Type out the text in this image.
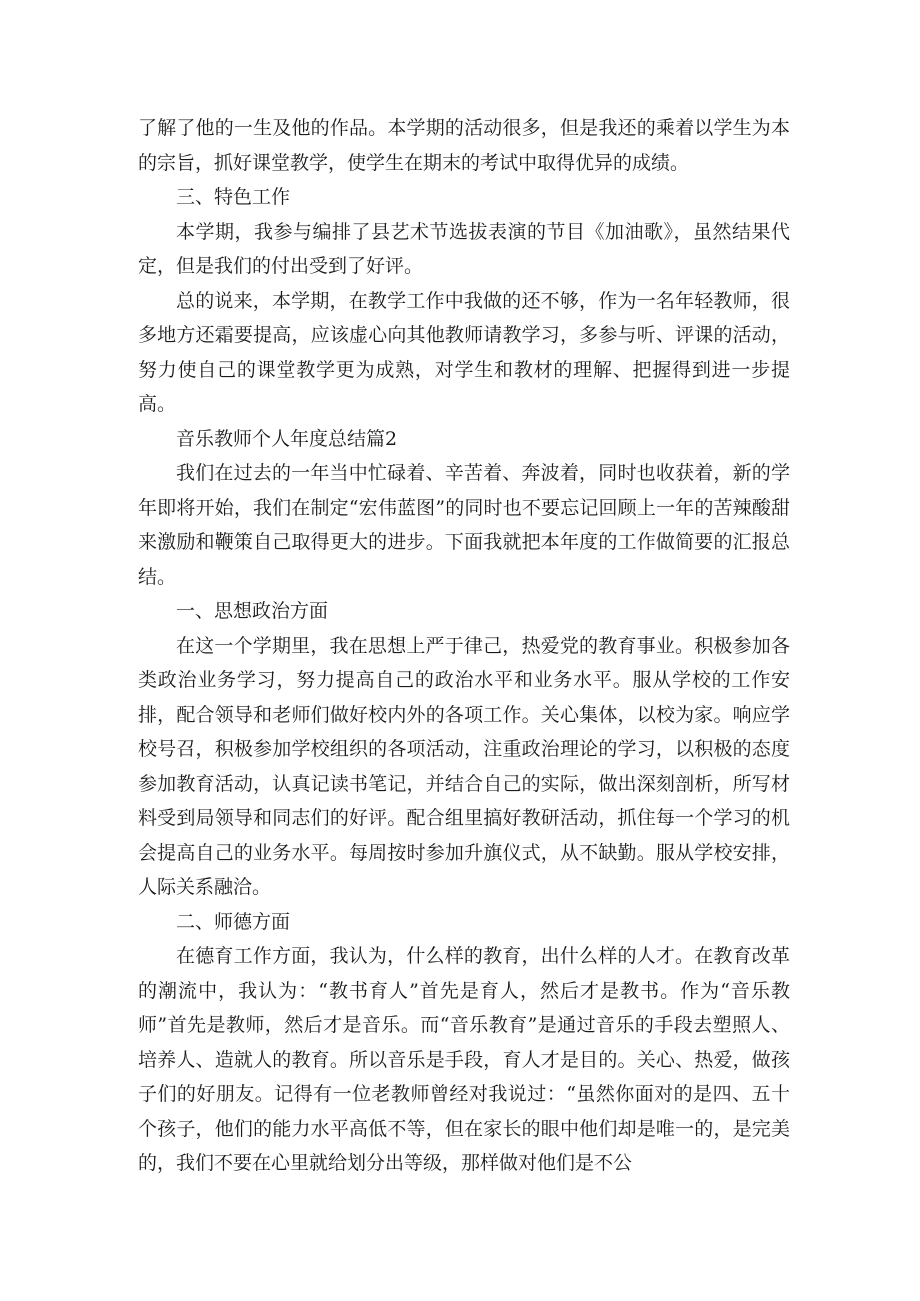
了解了他的一生及他的作品。本学期的活动很多，但是我还的乘着以学生为本的宗旨，抓好课堂教学，使学生在期末的考试中取得优异的成绩。

三、特色工作

本学期，我参与编排了县艺术节选拔表演的节目《加油歌》，虽然结果代定，但是我们的付出受到了好评。

总的说来，本学期，在教学工作中我做的还不够，作为一名年轻教师，很多地方还霜要提高，应该虚心向其他教师请教学习，多参与听、评课的活动，努力使自己的课堂教学更为成熟，对学生和教材的理解、把握得到进一步提高。

音乐教师个人年度总结篇2

我们在过去的一年当中忙碌着、辛苦着、奔波着，同时也收获着，新的学年即将开始，我们在制定“宏伟蓝图”的同时也不要忘记回顾上一年的苦辣酸甜来激励和鞭策自己取得更大的进步。下面我就把本年度的工作做简要的汇报总结。

一、思想政治方面

在这一个学期里，我在思想上严于律己，热爱党的教育事业。积极参加各类政治业务学习，努力提高自己的政治水平和业务水平。服从学校的工作安排，配合领导和老师们做好校内外的各项工作。关心集体，以校为家。响应学校号召，积极参加学校组织的各项活动，注重政治理论的学习，以积极的态度参加教育活动，认真记读书笔记，并结合自己的实际，做出深刻剖析，所写材料受到局领导和同志们的好评。配合组里搞好教研活动，抓住每一个学习的机会提高自己的业务水平。每周按时参加升旗仪式，从不缺勤。服从学校安排，人际关系融洽。

二、师德方面

在德育工作方面，我认为，什么样的教育，出什么样的人才。在教育改革的潮流中，我认为：“教书育人”首先是育人，然后才是教书。作为“音乐教师”首先是教师，然后才是音乐。而“音乐教育”是通过音乐的手段去塑照人、培养人、造就人的教育。所以音乐是手段，育人才是目的。关心、热爱，做孩子们的好朋友。记得有一位老教师曾经对我说过：“虽然你面对的是四、五十个孩子，他们的能力水平高低不等，但在家长的眼中他们却是唯一的，是完美的，我们不要在心里就给划分出等级，那样做对他们是不公
